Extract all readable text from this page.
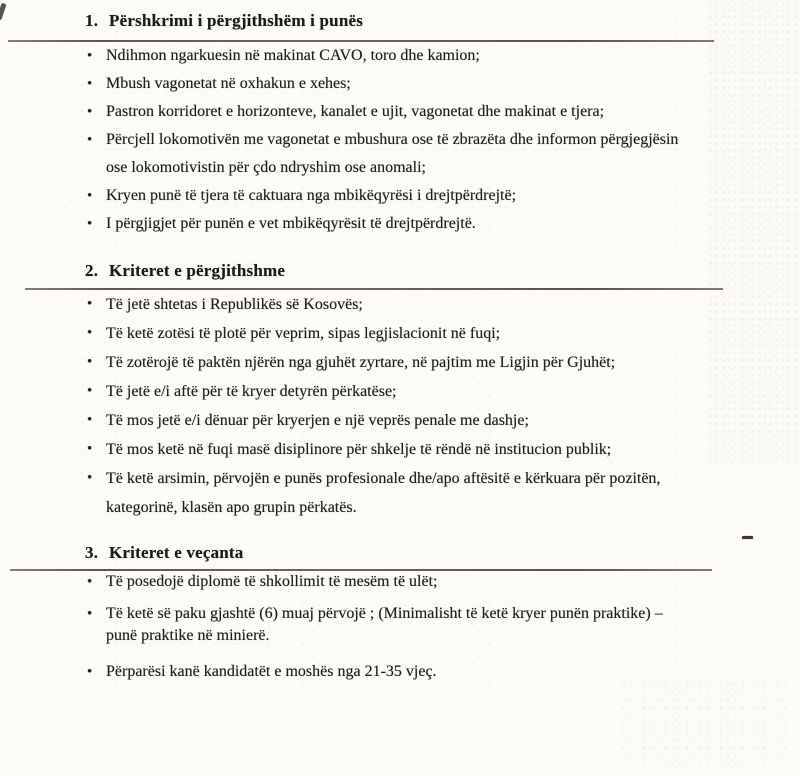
1. Përshkrimi i përgjithshëm i punës
• Ndihmon ngarkuesin në makinat CAVO, toro dhe kamion;
• Mbush vagonetat në oxhakun e xehes;
• Pastron korridoret e horizonteve, kanalet e ujit, vagonetat dhe makinat e tjera;
• Përcjell lokomotivën me vagonetat e mbushura ose të zbrazëta dhe informon përgjegjësin
ose lokomotivistin për çdo ndryshim ose anomali;
• Kryen punë të tjera të caktuara nga mbikëqyrësi i drejtpërdrejtë;
• I përgjigjet për punën e vet mbikëqyrësit të drejtpërdrejtë.
2. Kriteret e përgjithshme
• Të jetë shtetas i Republikës së Kosovës;
• Të ketë zotësi të plotë për veprim, sipas legjislacionit në fuqi;
• Të zotërojë të paktën njërën nga gjuhët zyrtare, në pajtim me Ligjin për Gjuhët;
• Të jetë e/i aftë për të kryer detyrën përkatëse;
• Të mos jetë e/i dënuar për kryerjen e një veprës penale me dashje;
• Të mos ketë në fuqi masë disiplinore për shkelje të rëndë në institucion publik;
• Të ketë arsimin, përvojën e punës profesionale dhe/apo aftësitë e kërkuara për pozitën,
kategorinë, klasën apo grupin përkatës.
3. Kriteret e veçanta
• Të posedojë diplomë të shkollimit të mesëm të ulët;
• Të ketë së paku gjashtë (6) muaj përvojë ; (Minimalisht të ketë kryer punën praktike) –
punë praktike në minierë.
• Përparësi kanë kandidatët e moshës nga 21-35 vjeç.
